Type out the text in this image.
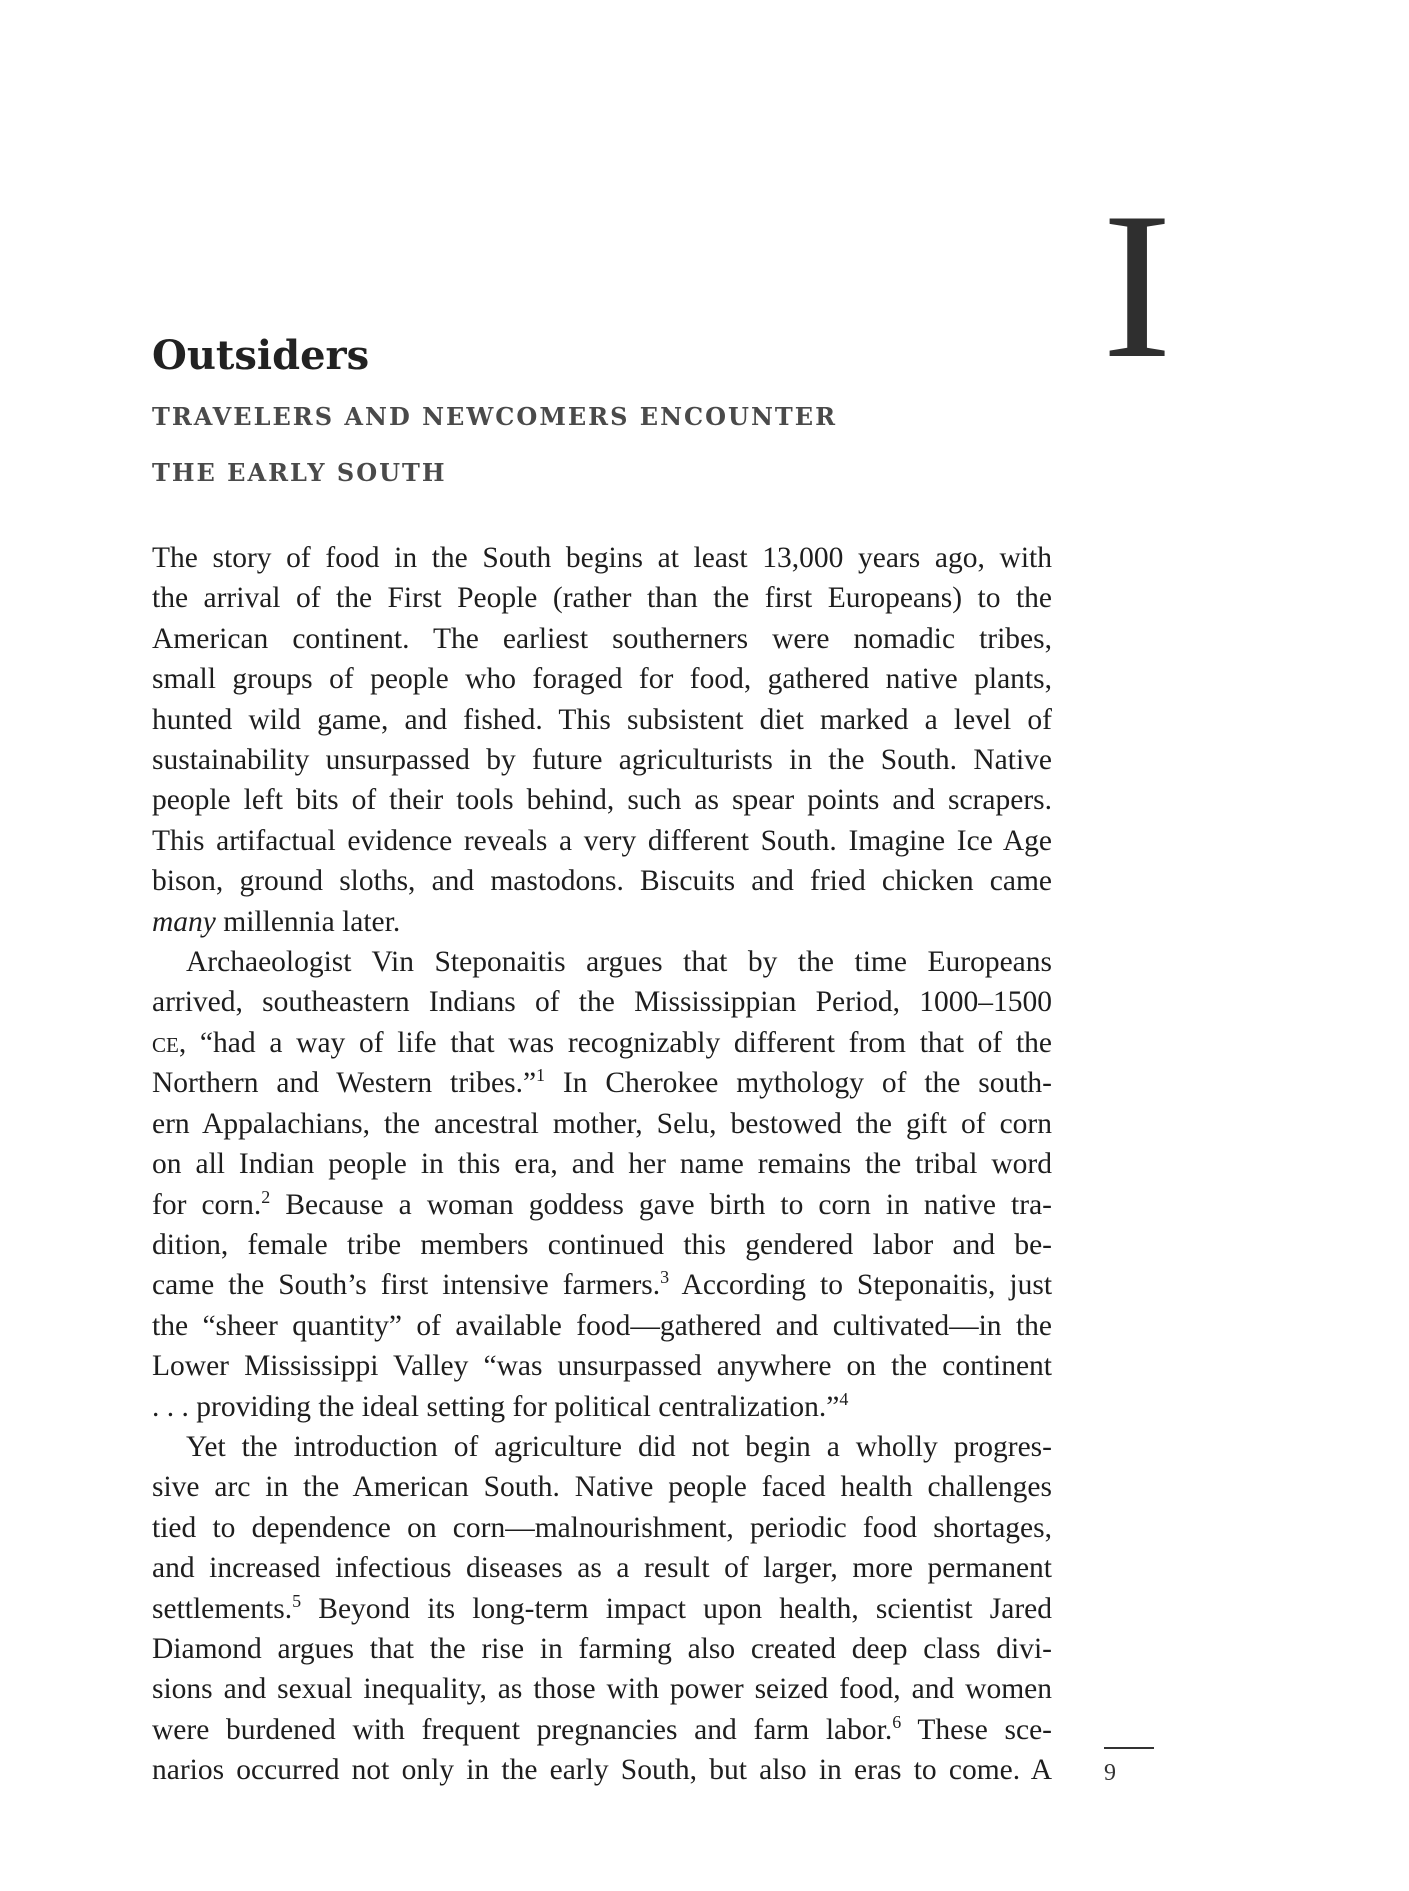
I
Outsiders
TRAVELERS AND NEWCOMERS ENCOUNTER
THE EARLY SOUTH
The story of food in the South begins at least 13,000 years ago, with
the arrival of the First People (rather than the first Europeans) to the
American continent. The earliest southerners were nomadic tribes,
small groups of people who foraged for food, gathered native plants,
hunted wild game, and fished. This subsistent diet marked a level of
sustainability unsurpassed by future agriculturists in the South. Native
people left bits of their tools behind, such as spear points and scrapers.
This artifactual evidence reveals a very different South. Imagine Ice Age
bison, ground sloths, and mastodons. Biscuits and fried chicken came
many millennia later.
Archaeologist Vin Steponaitis argues that by the time Europeans
arrived, southeastern Indians of the Mississippian Period, 1000–1500
ce, “had a way of life that was recognizably different from that of the
Northern and Western tribes.”$^1$ In Cherokee mythology of the south-
ern Appalachians, the ancestral mother, Selu, bestowed the gift of corn
on all Indian people in this era, and her name remains the tribal word
for corn.$^2$ Because a woman goddess gave birth to corn in native tra-
dition, female tribe members continued this gendered labor and be-
came the South’s first intensive farmers.$^3$ According to Steponaitis, just
the “sheer quantity” of available food—gathered and cultivated—in the
Lower Mississippi Valley “was unsurpassed anywhere on the continent
. . . providing the ideal setting for political centralization.”$^4$
Yet the introduction of agriculture did not begin a wholly progres-
sive arc in the American South. Native people faced health challenges
tied to dependence on corn—malnourishment, periodic food shortages,
and increased infectious diseases as a result of larger, more permanent
settlements.$^5$ Beyond its long-term impact upon health, scientist Jared
Diamond argues that the rise in farming also created deep class divi-
sions and sexual inequality, as those with power seized food, and women
were burdened with frequent pregnancies and farm labor.$^6$ These sce-
narios occurred not only in the early South, but also in eras to come. A 9
